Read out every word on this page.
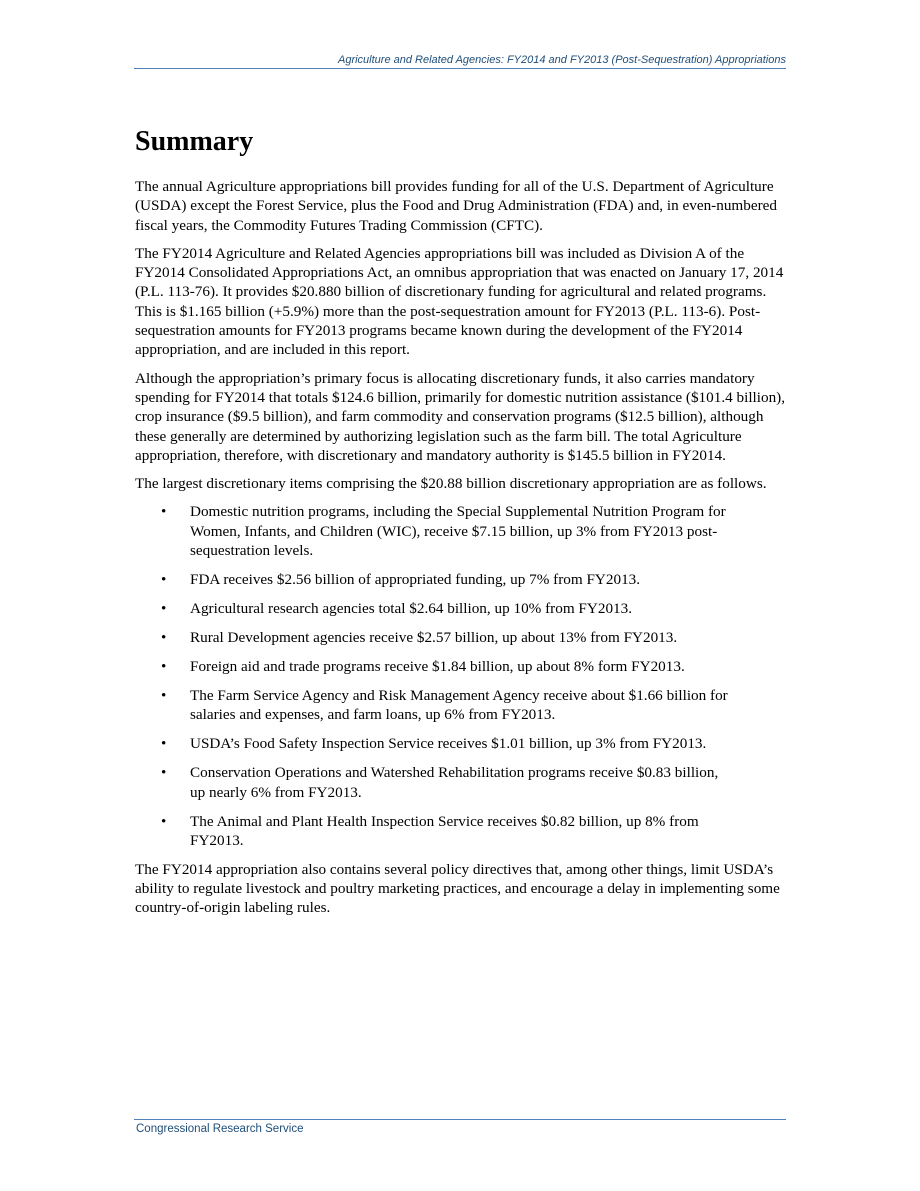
Agriculture and Related Agencies: FY2014 and FY2013 (Post-Sequestration) Appropriations
Summary

The annual Agriculture appropriations bill provides funding for all of the U.S. Department of Agriculture (USDA) except the Forest Service, plus the Food and Drug Administration (FDA) and, in even-numbered fiscal years, the Commodity Futures Trading Commission (CFTC).

The FY2014 Agriculture and Related Agencies appropriations bill was included as Division A of the FY2014 Consolidated Appropriations Act, an omnibus appropriation that was enacted on January 17, 2014 (P.L. 113-76). It provides $20.880 billion of discretionary funding for agricultural and related programs. This is $1.165 billion (+5.9%) more than the post-sequestration amount for FY2013 (P.L. 113-6). Post-sequestration amounts for FY2013 programs became known during the development of the FY2014 appropriation, and are included in this report.

Although the appropriation’s primary focus is allocating discretionary funds, it also carries mandatory spending for FY2014 that totals $124.6 billion, primarily for domestic nutrition assistance ($101.4 billion), crop insurance ($9.5 billion), and farm commodity and conservation programs ($12.5 billion), although these generally are determined by authorizing legislation such as the farm bill. The total Agriculture appropriation, therefore, with discretionary and mandatory authority is $145.5 billion in FY2014.

The largest discretionary items comprising the $20.88 billion discretionary appropriation are as follows.

• Domestic nutrition programs, including the Special Supplemental Nutrition Program for Women, Infants, and Children (WIC), receive $7.15 billion, up 3% from FY2013 post-sequestration levels.
• FDA receives $2.56 billion of appropriated funding, up 7% from FY2013.
• Agricultural research agencies total $2.64 billion, up 10% from FY2013.
• Rural Development agencies receive $2.57 billion, up about 13% from FY2013.
• Foreign aid and trade programs receive $1.84 billion, up about 8% form FY2013.
• The Farm Service Agency and Risk Management Agency receive about $1.66 billion for salaries and expenses, and farm loans, up 6% from FY2013.
• USDA’s Food Safety Inspection Service receives $1.01 billion, up 3% from FY2013.
• Conservation Operations and Watershed Rehabilitation programs receive $0.83 billion, up nearly 6% from FY2013.
• The Animal and Plant Health Inspection Service receives $0.82 billion, up 8% from FY2013.

The FY2014 appropriation also contains several policy directives that, among other things, limit USDA’s ability to regulate livestock and poultry marketing practices, and encourage a delay in implementing some country-of-origin labeling rules.

Congressional Research Service
